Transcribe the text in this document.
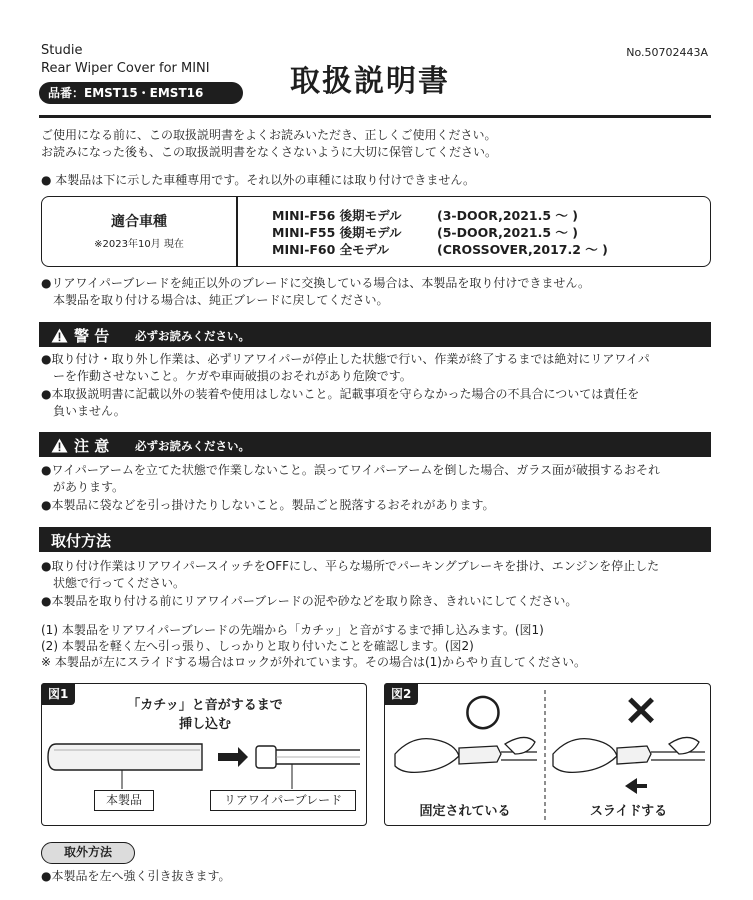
Studie
Rear Wiper Cover for MINI
品番：EMST15・EMST16
No.50702443A
取扱説明書
ご使用になる前に、この取扱説明書をよくお読みいただき、正しくご使用ください。
お読みになった後も、この取扱説明書をなくさないように大切に保管してください。
● 本製品は下に示した車種専用です。それ以外の車種には取り付けできません。
適合車種
※2023年10月 現在
MINI-F56 後期モデル	(3-DOOR,2021.5 ～ )
MINI-F55 後期モデル	(5-DOOR,2021.5 ～ )
MINI-F60 全モデル	(CROSSOVER,2017.2 ～ )
●リアワイパーブレードを純正以外のブレードに交換している場合は、本製品を取り付けできません。
本製品を取り付ける場合は、純正ブレードに戻してください。
警 告 必ずお読みください。
●取り付け・取り外し作業は、必ずリアワイパーが停止した状態で行い、作業が終了するまでは絶対にリアワイパ
ーを作動させないこと。ケガや車両破損のおそれがあり危険です。
●本取扱説明書に記載以外の装着や使用はしないこと。記載事項を守らなかった場合の不具合については責任を
負いません。
注 意 必ずお読みください。
●ワイパーアームを立てた状態で作業しないこと。誤ってワイパーアームを倒した場合、ガラス面が破損するおそれ
があります。
●本製品に袋などを引っ掛けたりしないこと。製品ごと脱落するおそれがあります。
取付方法
●取り付け作業はリアワイパースイッチをOFFにし、平らな場所でパーキングブレーキを掛け、エンジンを停止した
状態で行ってください。
●本製品を取り付ける前にリアワイパーブレードの泥や砂などを取り除き、きれいにしてください。
(1) 本製品をリアワイパーブレードの先端から「カチッ」と音がするまで挿し込みます。(図1)
(2) 本製品を軽く左へ引っ張り、しっかりと取り付いたことを確認します。(図2)
※ 本製品が左にスライドする場合はロックが外れています。その場合は(1)からやり直してください。
図1
「カチッ」と音がするまで
挿し込む
本製品	リアワイパーブレード
図2 ○	×
固定されている	スライドする
取外方法
●本製品を左へ強く引き抜きます。
